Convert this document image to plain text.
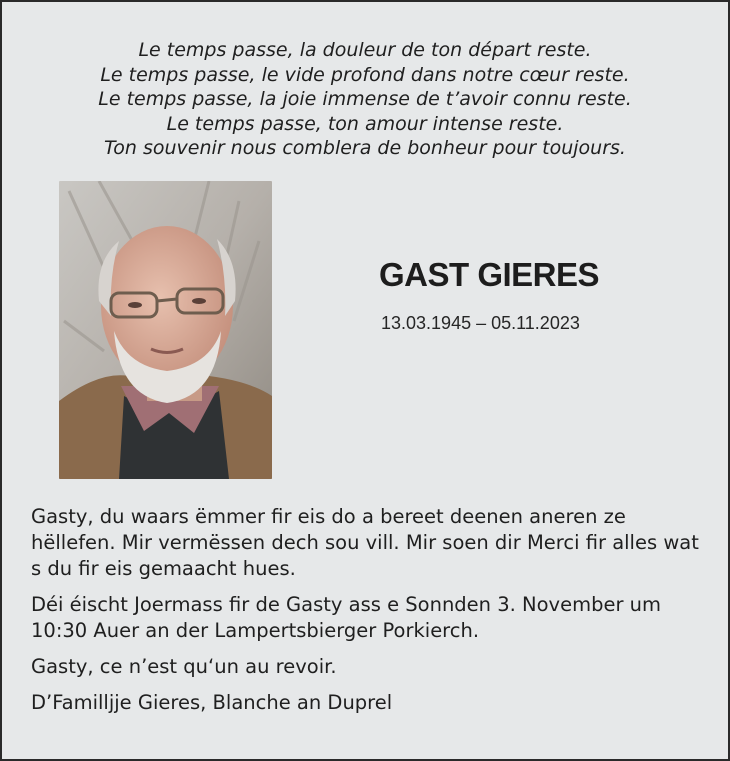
Le temps passe, la douleur de ton départ reste.
Le temps passe, le vide profond dans notre cœur reste.
Le temps passe, la joie immense de t’avoir connu reste.
Le temps passe, ton amour intense reste.
Ton souvenir nous comblera de bonheur pour toujours.
GAST GIERES

13.03.1945 – 05.11.2023

Gasty, du waars ëmmer fir eis do a bereet deenen aneren ze hëllefen. Mir vermëssen dech sou vill. Mir soen dir Merci fir alles wat s du fir eis gemaacht hues.

Déi éischt Joermass fir de Gasty ass e Sonnden 3. November um 10:30 Auer an der Lampertsbierger Porkierch.

Gasty, ce n’est qu‘un au revoir.

D’Familljje Gieres, Blanche an Duprel
